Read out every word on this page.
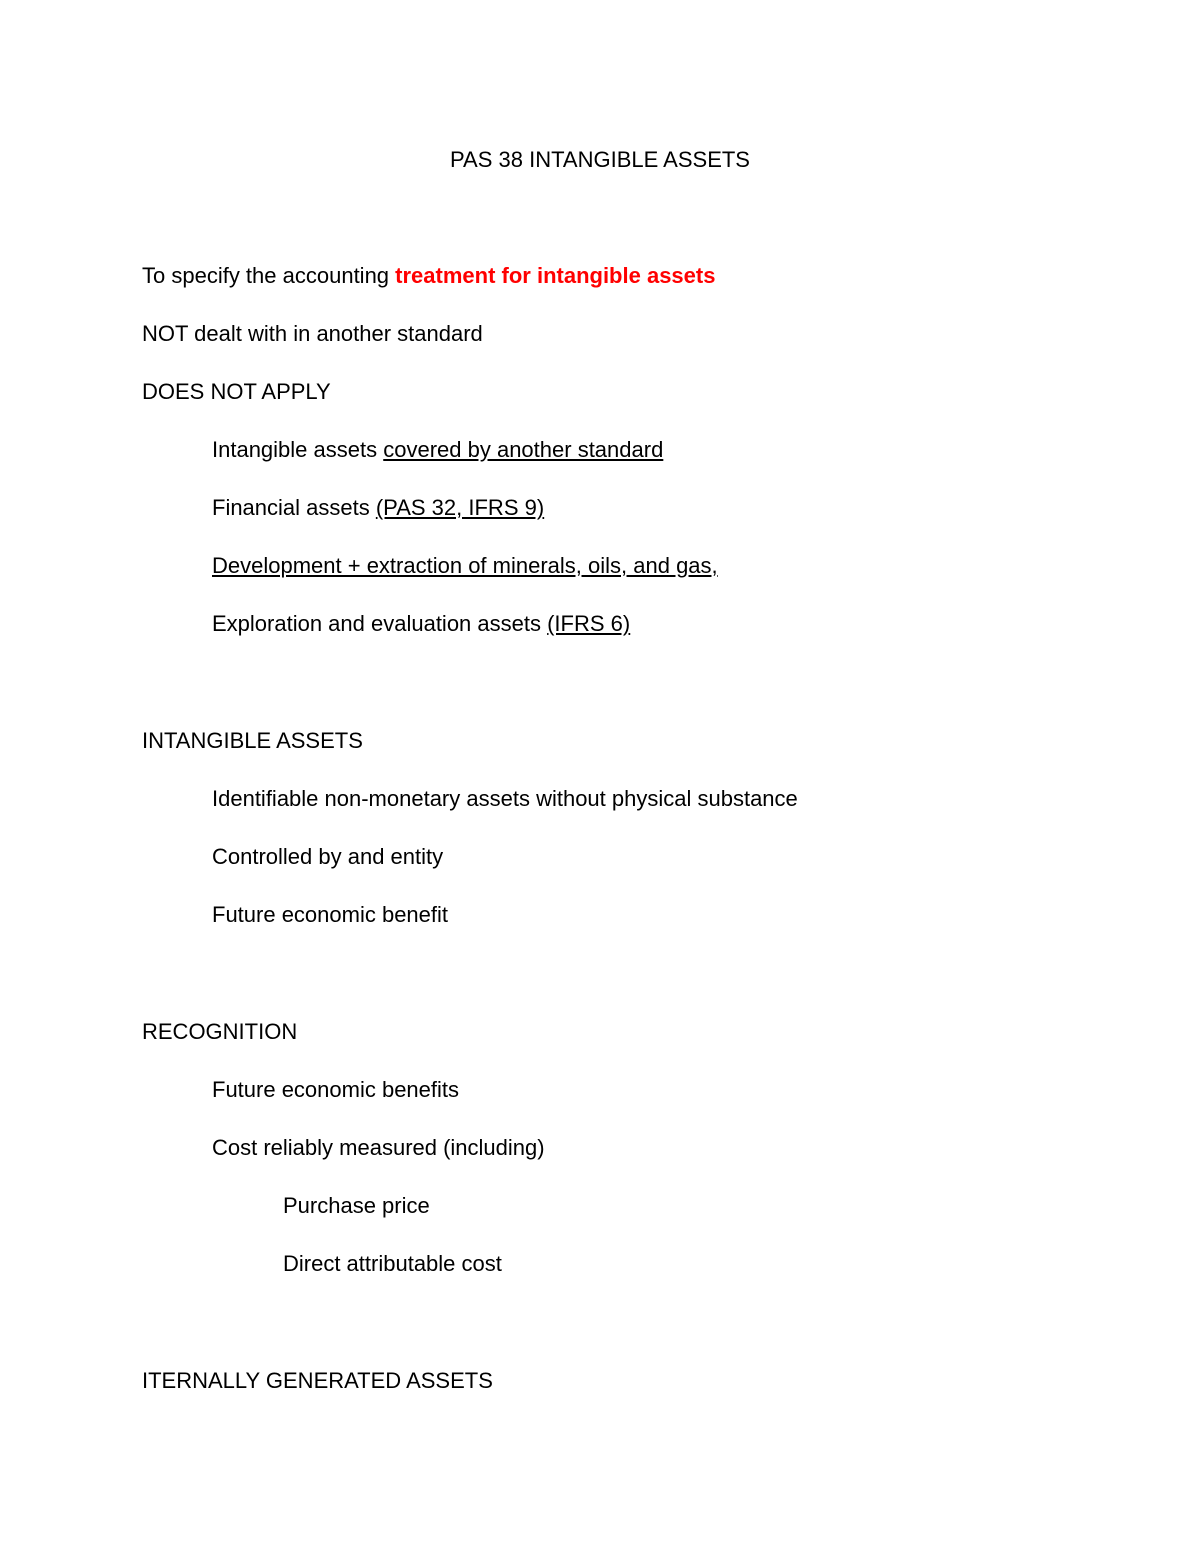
PAS 38 INTANGIBLE ASSETS
To specify the accounting treatment for intangible assets
NOT dealt with in another standard
DOES NOT APPLY
Intangible assets covered by another standard
Financial assets (PAS 32, IFRS 9)
Development + extraction of minerals, oils, and gas,
Exploration and evaluation assets (IFRS 6)
INTANGIBLE ASSETS
Identifiable non-monetary assets without physical substance
Controlled by and entity
Future economic benefit
RECOGNITION
Future economic benefits
Cost reliably measured (including)
Purchase price
Direct attributable cost
ITERNALLY GENERATED ASSETS
